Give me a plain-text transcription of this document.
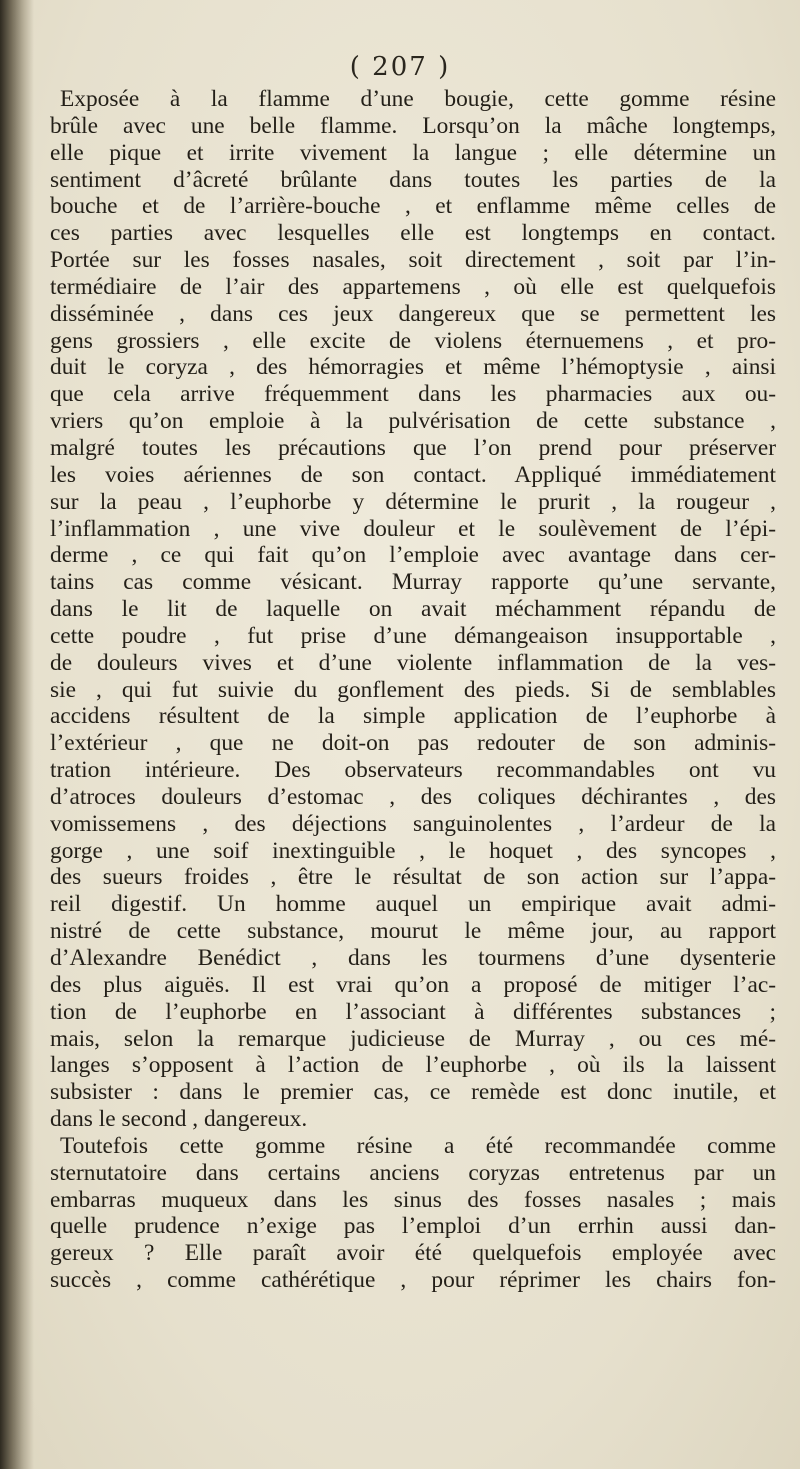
( 207 )
Exposée à la flamme d’une bougie, cette gomme résine
brûle avec une belle flamme. Lorsqu’on la mâche longtemps,
elle pique et irrite vivement la langue ; elle détermine un
sentiment d’âcreté brûlante dans toutes les parties de la
bouche et de l’arrière-bouche , et enflamme même celles de
ces parties avec lesquelles elle est longtemps en contact.
Portée sur les fosses nasales, soit directement , soit par l’in-
termédiaire de l’air des appartemens , où elle est quelquefois
disséminée , dans ces jeux dangereux que se permettent les
gens grossiers , elle excite de violens éternuemens , et pro-
duit le coryza , des hémorragies et même l’hémoptysie , ainsi
que cela arrive fréquemment dans les pharmacies aux ou-
vriers qu’on emploie à la pulvérisation de cette substance ,
malgré toutes les précautions que l’on prend pour préserver
les voies aériennes de son contact. Appliqué immédiatement
sur la peau , l’euphorbe y détermine le prurit , la rougeur ,
l’inflammation , une vive douleur et le soulèvement de l’épi-
derme , ce qui fait qu’on l’emploie avec avantage dans cer-
tains cas comme vésicant. Murray rapporte qu’une servante,
dans le lit de laquelle on avait méchamment répandu de
cette poudre , fut prise d’une démangeaison insupportable ,
de douleurs vives et d’une violente inflammation de la ves-
sie , qui fut suivie du gonflement des pieds. Si de semblables
accidens résultent de la simple application de l’euphorbe à
l’extérieur , que ne doit-on pas redouter de son adminis-
tration intérieure. Des observateurs recommandables ont vu
d’atroces douleurs d’estomac , des coliques déchirantes , des
vomissemens , des déjections sanguinolentes , l’ardeur de la
gorge , une soif inextinguible , le hoquet , des syncopes ,
des sueurs froides , être le résultat de son action sur l’appa-
reil digestif. Un homme auquel un empirique avait admi-
nistré de cette substance, mourut le même jour, au rapport
d’Alexandre Benédict , dans les tourmens d’une dysenterie
des plus aiguës. Il est vrai qu’on a proposé de mitiger l’ac-
tion de l’euphorbe en l’associant à différentes substances ;
mais, selon la remarque judicieuse de Murray , ou ces mé-
langes s’opposent à l’action de l’euphorbe , où ils la laissent
subsister : dans le premier cas, ce remède est donc inutile, et
dans le second , dangereux.
Toutefois cette gomme résine a été recommandée comme
sternutatoire dans certains anciens coryzas entretenus par un
embarras muqueux dans les sinus des fosses nasales ; mais
quelle prudence n’exige pas l’emploi d’un errhin aussi dan-
gereux ? Elle paraît avoir été quelquefois employée avec
succès , comme cathérétique , pour réprimer les chairs fon-
